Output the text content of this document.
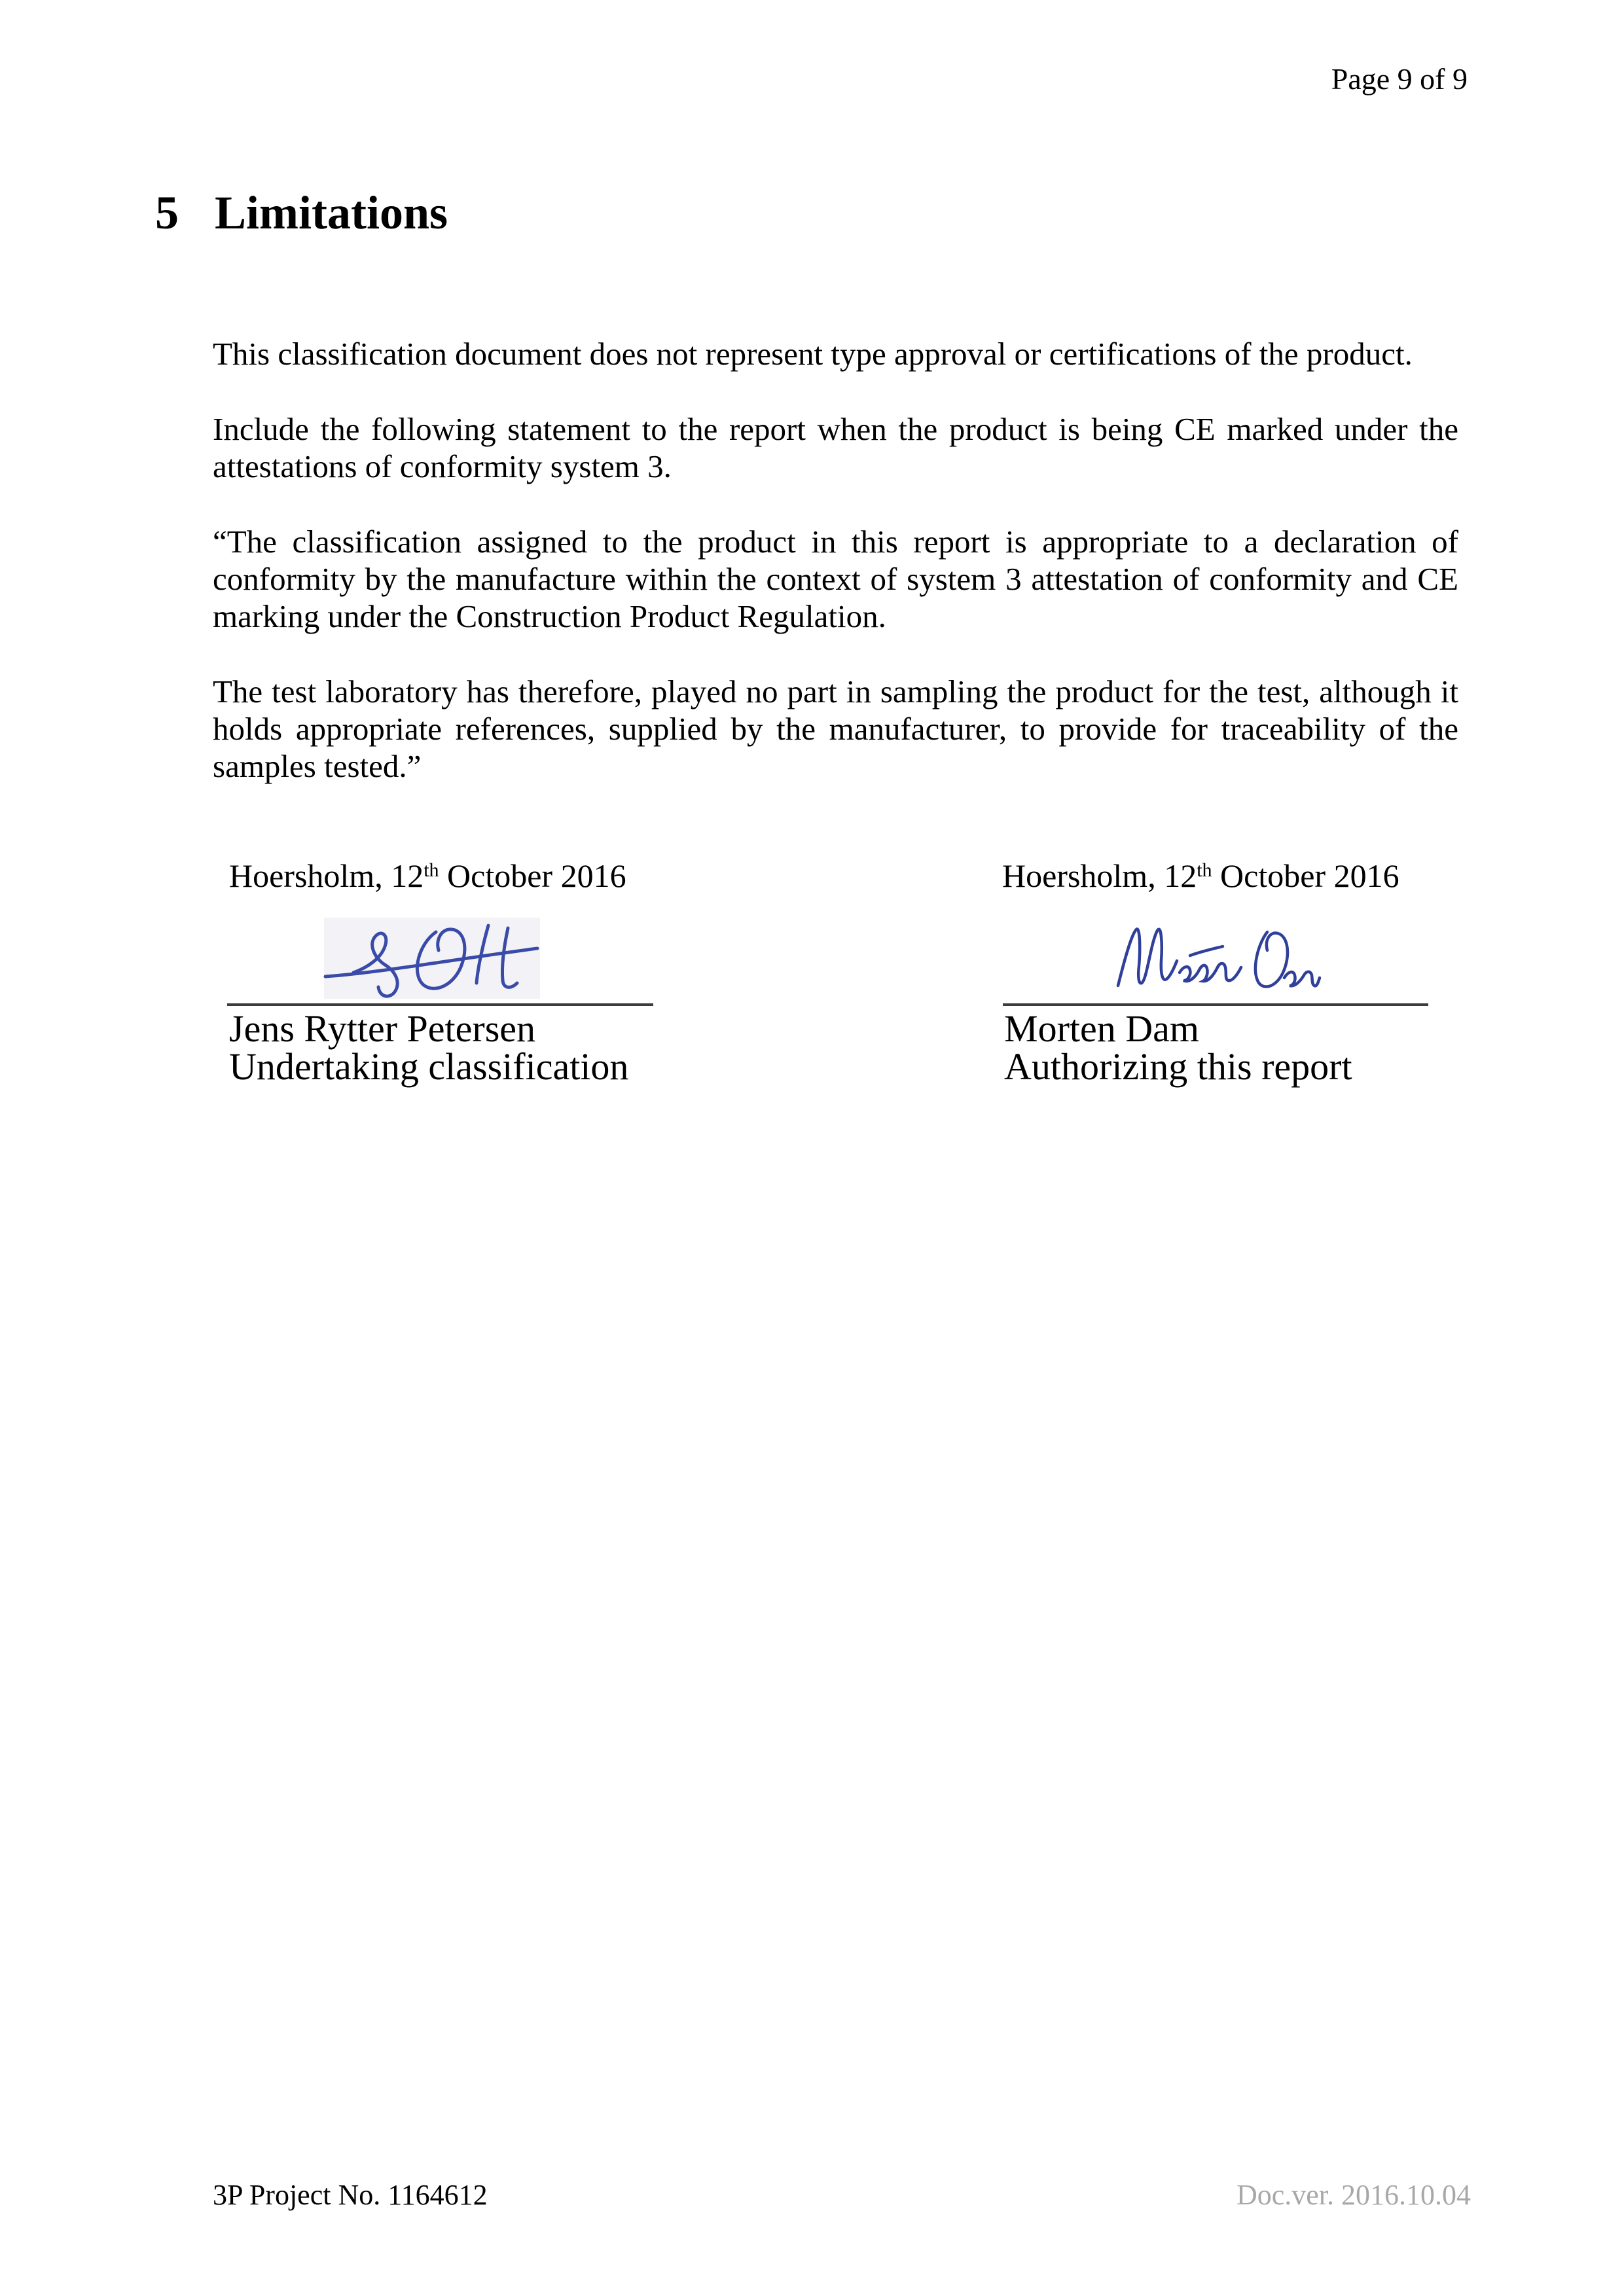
Page 9 of 9
5 Limitations

This classification document does not represent type approval or certifications of the product.

Include the following statement to the report when the product is being CE marked under the attestations of conformity system 3.

“The classification assigned to the product in this report is appropriate to a declaration of conformity by the manufacture within the context of system 3 attestation of conformity and CE marking under the Construction Product Regulation.

The test laboratory has therefore, played no part in sampling the product for the test, although it holds appropriate references, supplied by the manufacturer, to provide for traceability of the samples tested.”

Hoersholm, 12th October 2016	Hoersholm, 12th October 2016
Jens Rytter Petersen
Undertaking classification
Morten Dam
Authorizing this report
3P Project No. 1164612	Doc.ver. 2016.10.04
